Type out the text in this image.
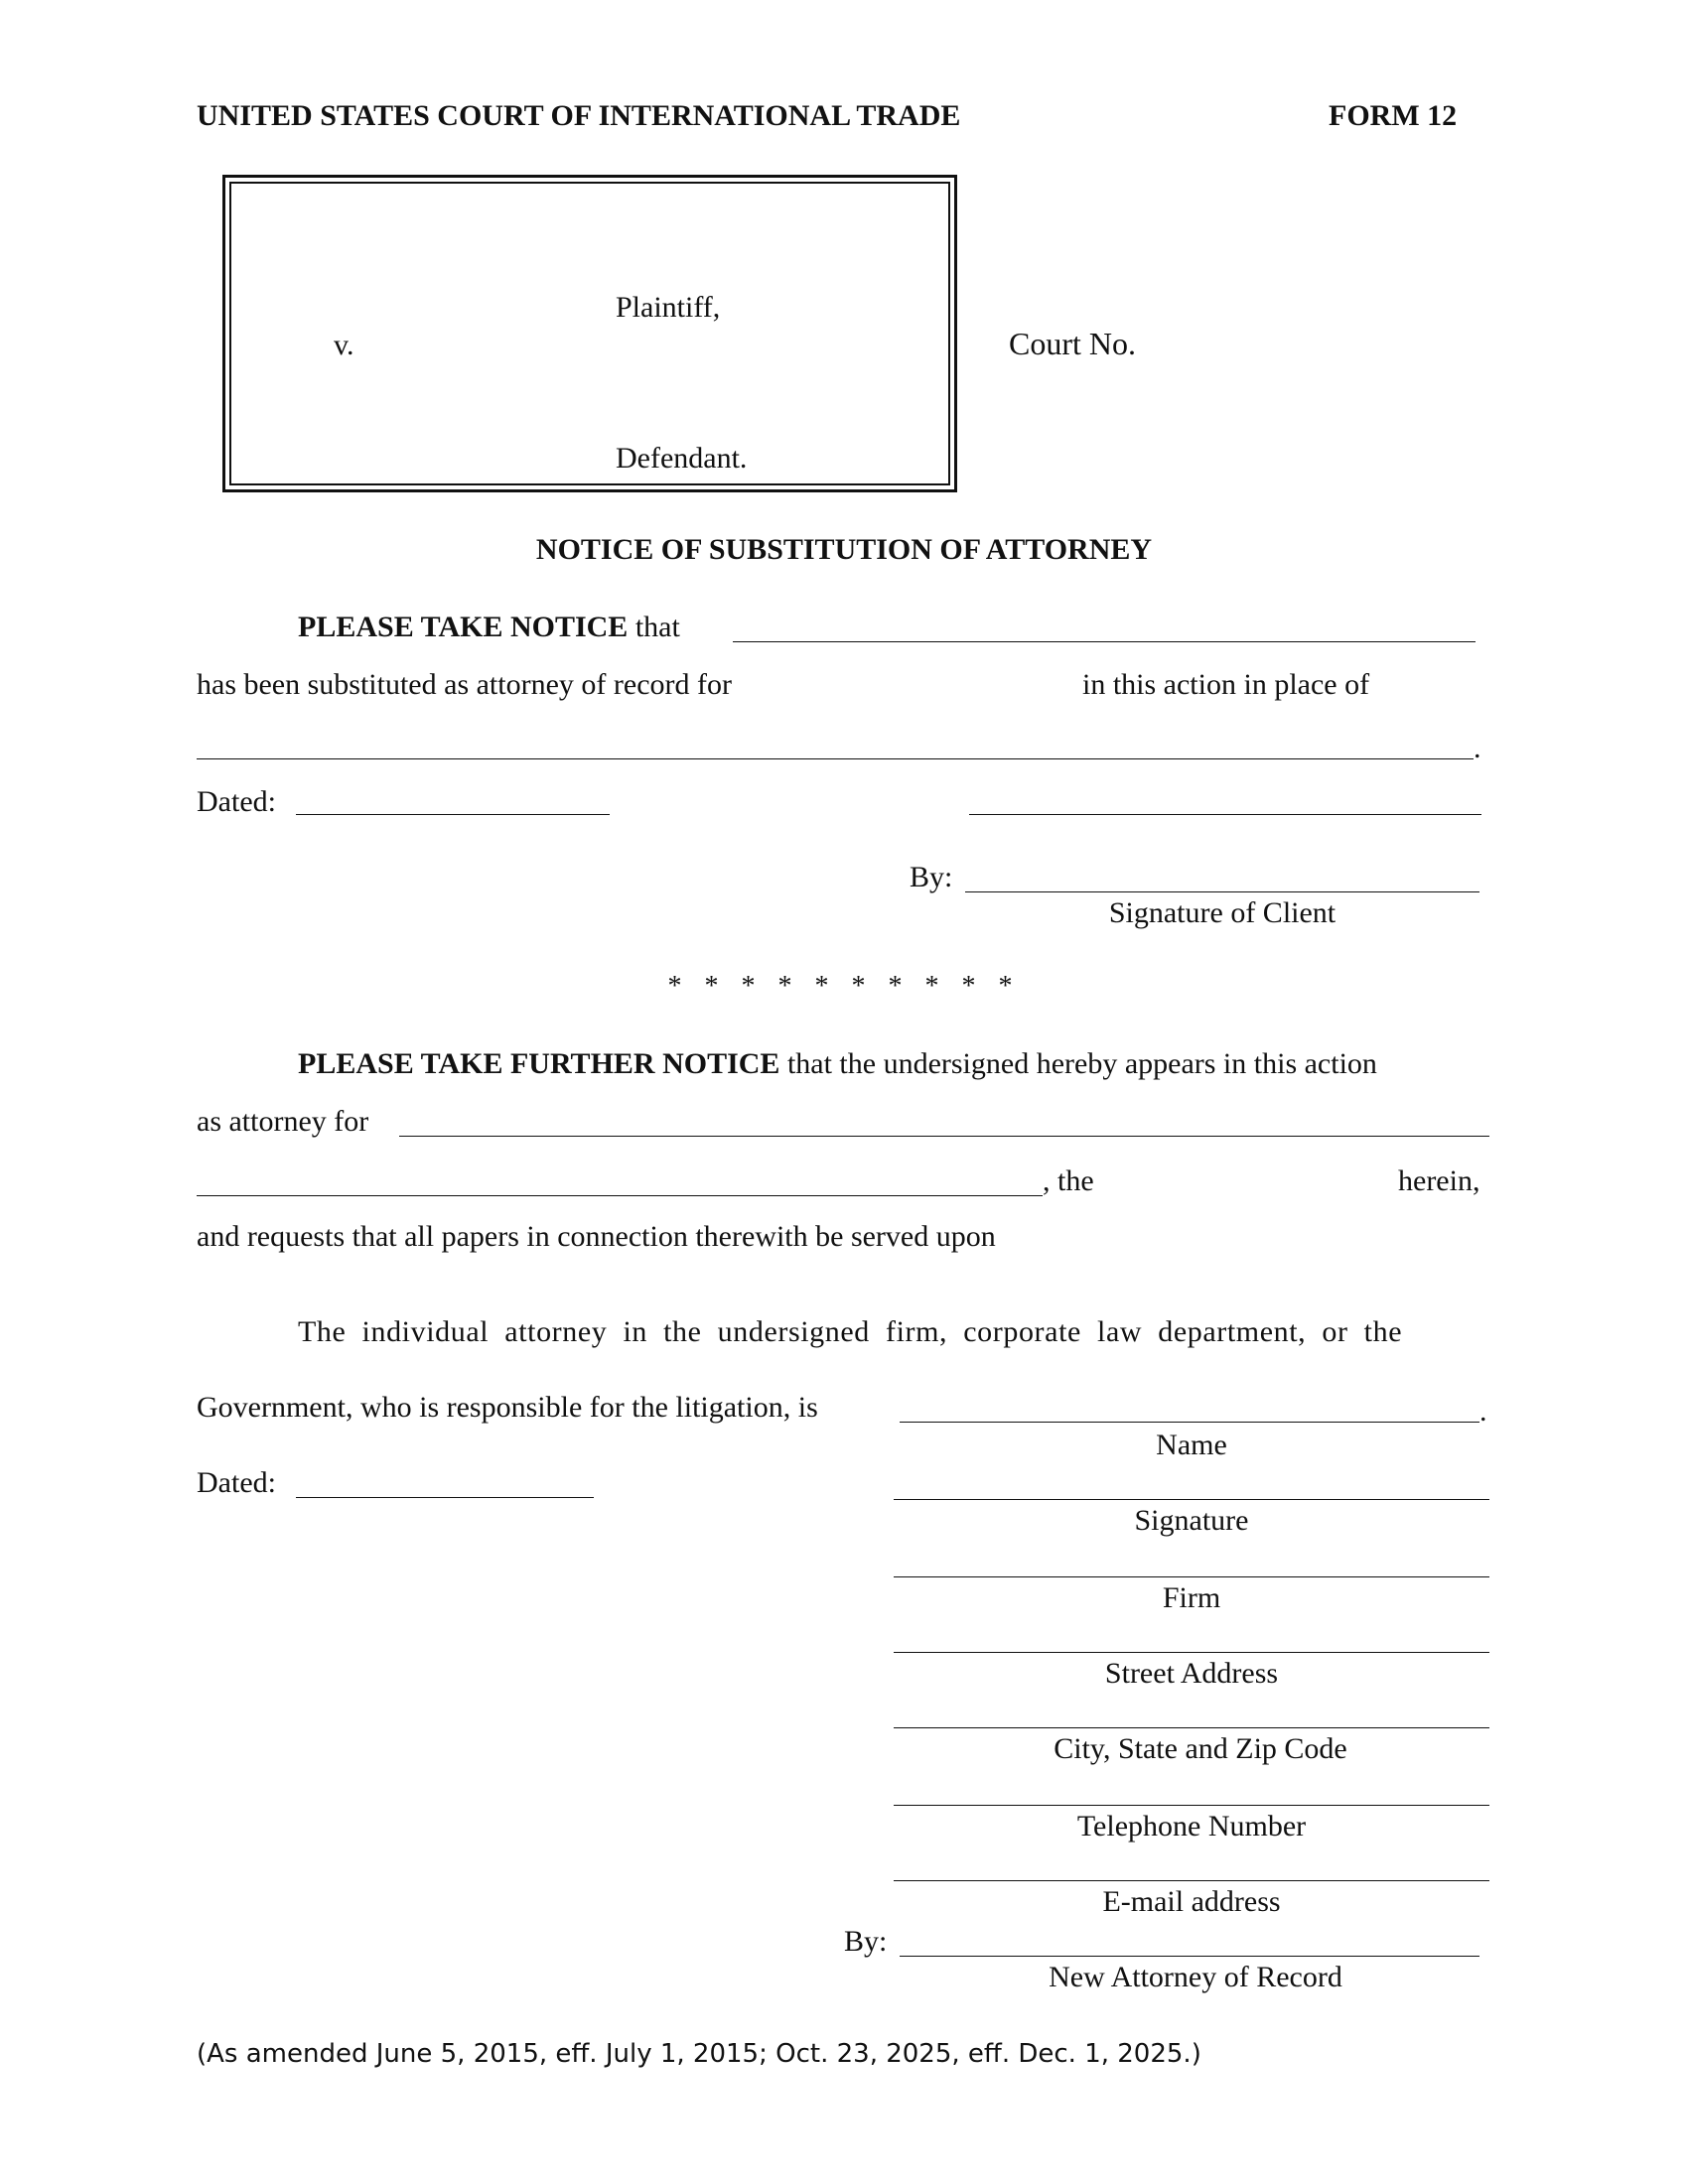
UNITED STATES COURT OF INTERNATIONAL TRADE	FORM 12
Plaintiff,
v.
Defendant.
Court No.
NOTICE OF SUBSTITUTION OF ATTORNEY
PLEASE TAKE NOTICE that
has been substituted as attorney of record for	in this action in place of
.
Dated:
By:
Signature of Client
* * * * * * * * * *
PLEASE TAKE FURTHER NOTICE that the undersigned hereby appears in this action
as attorney for
, the	herein,
and requests that all papers in connection therewith be served upon
The individual attorney in the undersigned firm, corporate law department, or the
Government, who is responsible for the litigation, is	.
Name
Dated:
Signature
Firm
Street Address
City, State and Zip Code
Telephone Number
E-mail address
By:
New Attorney of Record
(As amended June 5, 2015, eff. July 1, 2015; Oct. 23, 2025, eff. Dec. 1, 2025.)
